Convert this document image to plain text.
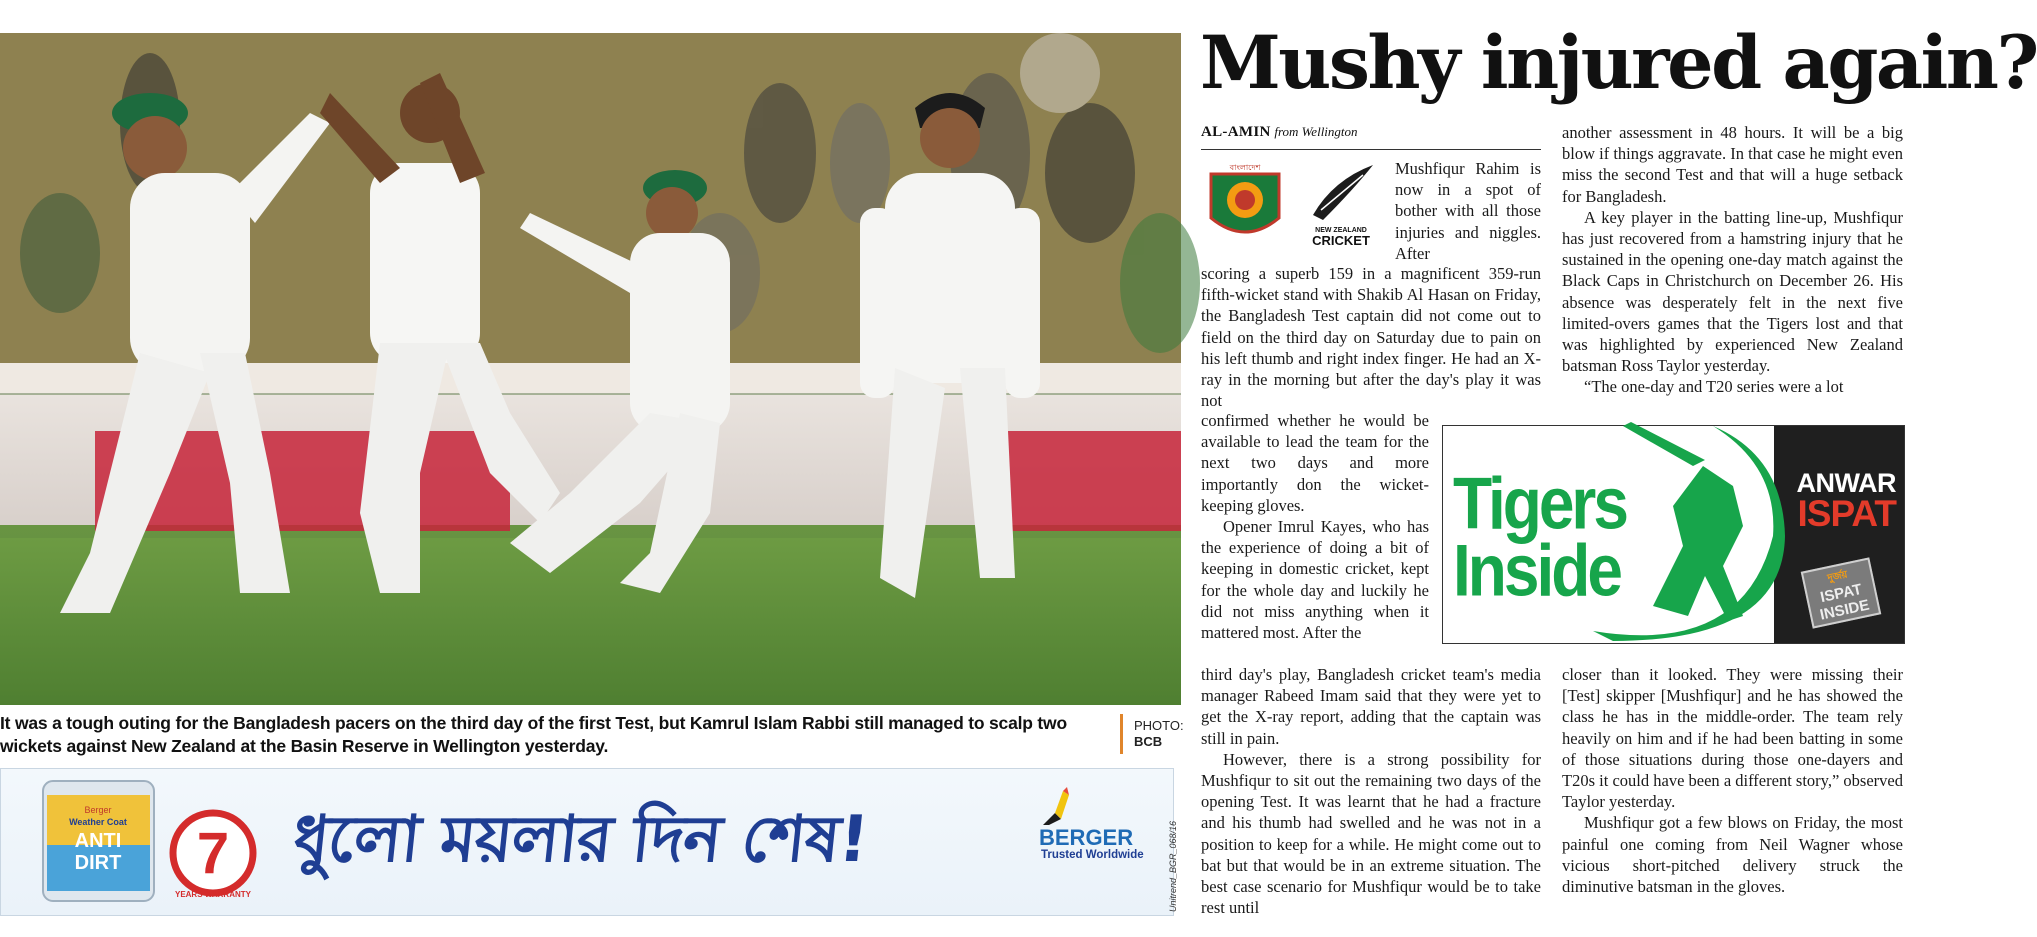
It was a tough outing for the Bangladesh pacers on the third day of the first Test, but Kamrul Islam Rabbi still managed to scalp two wickets against New Zealand at the Basin Reserve in Wellington yesterday.
PHOTO:
BCB
Berger
Weather Coat
ANTI
DIRT 7
YEARS WARRANTY
ধুলো ময়লার দিন শেষ!	BERGER
Trusted Worldwide	Unitrend_BGR_068/16
Mushy injured again?
AL-AMIN from Wellington
বাংলাদেশ
NEW ZEALAND
CRICKET

Mushfiqur Rahim is now in a spot of bother with all those injuries and niggles. After

scoring a superb 159 in a magnificent 359-run fifth-wicket stand with Shakib Al Hasan on Friday, the Bangladesh Test captain did not come out to field on the third day on Saturday due to pain on his left thumb and right index finger. He had an X-ray in the morning but after the day's play it was not

confirmed whether he would be available to lead the team for the next two days and more importantly don the wicket-keeping gloves.

Opener Imrul Kayes, who has the experience of doing a bit of keeping in domestic cricket, kept for the whole day and luckily he did not miss anything when it mattered most. After the

third day's play, Bangladesh cricket team's media manager Rabeed Imam said that they were yet to get the X-ray report, adding that the captain was still in pain.

However, there is a strong possibility for Mushfiqur to sit out the remaining two days of the opening Test. It was learnt that he had a fracture and his thumb had swelled and he was not in a position to keep for a while. He might come out to bat but that would be in an extreme situation. The best case scenario for Mushfiqur would be to take rest until

another assessment in 48 hours. It will be a big blow if things aggravate. In that case he might even miss the second Test and that will a huge setback for Bangladesh.

A key player in the batting line-up, Mushfiqur has just recovered from a hamstring injury that he sustained in the opening one-day match against the Black Caps in Christchurch on December 26. His absence was desperately felt in the next five limited-overs games that the Tigers lost and that was highlighted by experienced New Zealand batsman Ross Taylor yesterday.

“The one-day and T20 series were a lot

closer than it looked. They were missing their [Test] skipper [Mushfiqur] and he has showed the class he has in the middle-order. The team rely heavily on him and if he had been batting in some of those situations during those one-dayers and T20s it could have been a different story,” observed Taylor yesterday.

Mushfiqur got a few blows on Friday, the most painful one coming from Neil Wagner whose vicious short-pitched delivery struck the diminutive batsman in the gloves.

Tigers
Inside
ANWAR
ISPAT
দুর্জয়
ISPAT INSIDE
